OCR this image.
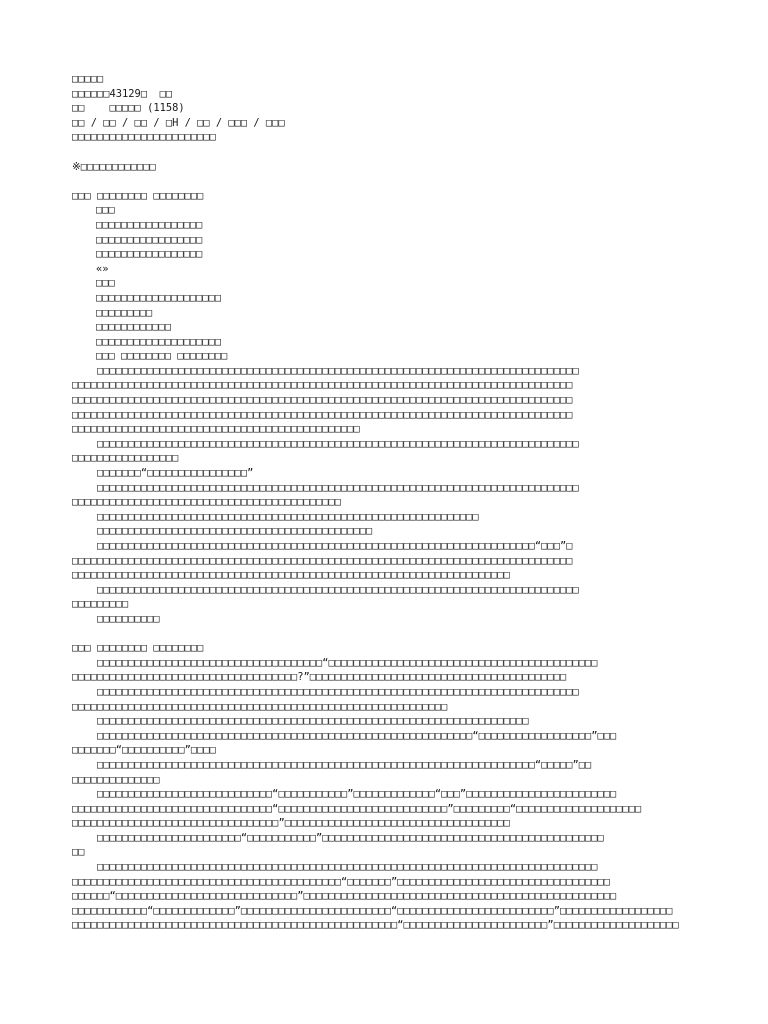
□□□□□
□□□□□□43129□  □□
□□    □□□□□ (1158)
□□ / □□ / □□ / □H / □□ / □□□ / □□□
□□□□□□□□□□□□□□□□□□□□□□□
※□□□□□□□□□□□□
□□□ □□□□□□□□ □□□□□□□□
□□□
□□□□□□□□□□□□□□□□□
□□□□□□□□□□□□□□□□□
□□□□□□□□□□□□□□□□□
«»
□□□
□□□□□□□□□□□□□□□□□□□□
□□□□□□□□□
□□□□□□□□□□□□
□□□□□□□□□□□□□□□□□□□□
□□□ □□□□□□□□ □□□□□□□□
□□□□□□□□□□□□□□□□□□□□□□□□□□□□□□□□□□□□□□□□□□□□□□□□□□□□□□□□□□□□□□□□□□□□□□□□□□□□□
□□□□□□□□□□□□□□□□□□□□□□□□□□□□□□□□□□□□□□□□□□□□□□□□□□□□□□□□□□□□□□□□□□□□□□□□□□□□□□□□
□□□□□□□□□□□□□□□□□□□□□□□□□□□□□□□□□□□□□□□□□□□□□□□□□□□□□□□□□□□□□□□□□□□□□□□□□□□□□□□□
□□□□□□□□□□□□□□□□□□□□□□□□□□□□□□□□□□□□□□□□□□□□□□□□□□□□□□□□□□□□□□□□□□□□□□□□□□□□□□□□
□□□□□□□□□□□□□□□□□□□□□□□□□□□□□□□□□□□□□□□□□□□□□□
□□□□□□□□□□□□□□□□□□□□□□□□□□□□□□□□□□□□□□□□□□□□□□□□□□□□□□□□□□□□□□□□□□□□□□□□□□□□□
□□□□□□□□□□□□□□□□□
□□□□□□□“□□□□□□□□□□□□□□□□”
□□□□□□□□□□□□□□□□□□□□□□□□□□□□□□□□□□□□□□□□□□□□□□□□□□□□□□□□□□□□□□□□□□□□□□□□□□□□□
□□□□□□□□□□□□□□□□□□□□□□□□□□□□□□□□□□□□□□□□□□□
□□□□□□□□□□□□□□□□□□□□□□□□□□□□□□□□□□□□□□□□□□□□□□□□□□□□□□□□□□□□□
□□□□□□□□□□□□□□□□□□□□□□□□□□□□□□□□□□□□□□□□□□□□
□□□□□□□□□□□□□□□□□□□□□□□□□□□□□□□□□□□□□□□□□□□□□□□□□□□□□□□□□□□□□□□□□□□□□□“□□□”□
□□□□□□□□□□□□□□□□□□□□□□□□□□□□□□□□□□□□□□□□□□□□□□□□□□□□□□□□□□□□□□□□□□□□□□□□□□□□□□□□
□□□□□□□□□□□□□□□□□□□□□□□□□□□□□□□□□□□□□□□□□□□□□□□□□□□□□□□□□□□□□□□□□□□□□□
□□□□□□□□□□□□□□□□□□□□□□□□□□□□□□□□□□□□□□□□□□□□□□□□□□□□□□□□□□□□□□□□□□□□□□□□□□□□□
□□□□□□□□□
□□□□□□□□□□
□□□ □□□□□□□□ □□□□□□□□
□□□□□□□□□□□□□□□□□□□□□□□□□□□□□□□□□□□□“□□□□□□□□□□□□□□□□□□□□□□□□□□□□□□□□□□□□□□□□□□□
□□□□□□□□□□□□□□□□□□□□□□□□□□□□□□□□□□□□?”□□□□□□□□□□□□□□□□□□□□□□□□□□□□□□□□□□□□□□□□□
□□□□□□□□□□□□□□□□□□□□□□□□□□□□□□□□□□□□□□□□□□□□□□□□□□□□□□□□□□□□□□□□□□□□□□□□□□□□□
□□□□□□□□□□□□□□□□□□□□□□□□□□□□□□□□□□□□□□□□□□□□□□□□□□□□□□□□□□□□
□□□□□□□□□□□□□□□□□□□□□□□□□□□□□□□□□□□□□□□□□□□□□□□□□□□□□□□□□□□□□□□□□□□□□
□□□□□□□□□□□□□□□□□□□□□□□□□□□□□□□□□□□□□□□□□□□□□□□□□□□□□□□□□□□□“□□□□□□□□□□□□□□□□□□”□□□
□□□□□□□“□□□□□□□□□□”□□□□
□□□□□□□□□□□□□□□□□□□□□□□□□□□□□□□□□□□□□□□□□□□□□□□□□□□□□□□□□□□□□□□□□□□□□□“□□□□□”□□
□□□□□□□□□□□□□□
□□□□□□□□□□□□□□□□□□□□□□□□□□□□“□□□□□□□□□□□”□□□□□□□□□□□□□“□□□”□□□□□□□□□□□□□□□□□□□□□□□□
□□□□□□□□□□□□□□□□□□□□□□□□□□□□□□□□“□□□□□□□□□□□□□□□□□□□□□□□□□□□”□□□□□□□□□“□□□□□□□□□□□□□□□□□□□□
□□□□□□□□□□□□□□□□□□□□□□□□□□□□□□□□□”□□□□□□□□□□□□□□□□□□□□□□□□□□□□□□□□□□□□
□□□□□□□□□□□□□□□□□□□□□□□“□□□□□□□□□□□”□□□□□□□□□□□□□□□□□□□□□□□□□□□□□□□□□□□□□□□□□□□□□
□□
□□□□□□□□□□□□□□□□□□□□□□□□□□□□□□□□□□□□□□□□□□□□□□□□□□□□□□□□□□□□□□□□□□□□□□□□□□□□□□□□
□□□□□□□□□□□□□□□□□□□□□□□□□□□□□□□□□□□□□□□□□□□“□□□□□□□”□□□□□□□□□□□□□□□□□□□□□□□□□□□□□□□□□□
□□□□□□“□□□□□□□□□□□□□□□□□□□□□□□□□□□□□”□□□□□□□□□□□□□□□□□□□□□□□□□□□□□□□□□□□□□□□□□□□□□□□□□□
□□□□□□□□□□□□“□□□□□□□□□□□□□”□□□□□□□□□□□□□□□□□□□□□□□□“□□□□□□□□□□□□□□□□□□□□□□□□□”□□□□□□□□□□□□□□□□□□
□□□□□□□□□□□□□□□□□□□□□□□□□□□□□□□□□□□□□□□□□□□□□□□□□□□□“□□□□□□□□□□□□□□□□□□□□□□□”□□□□□□□□□□□□□□□□□□□□
